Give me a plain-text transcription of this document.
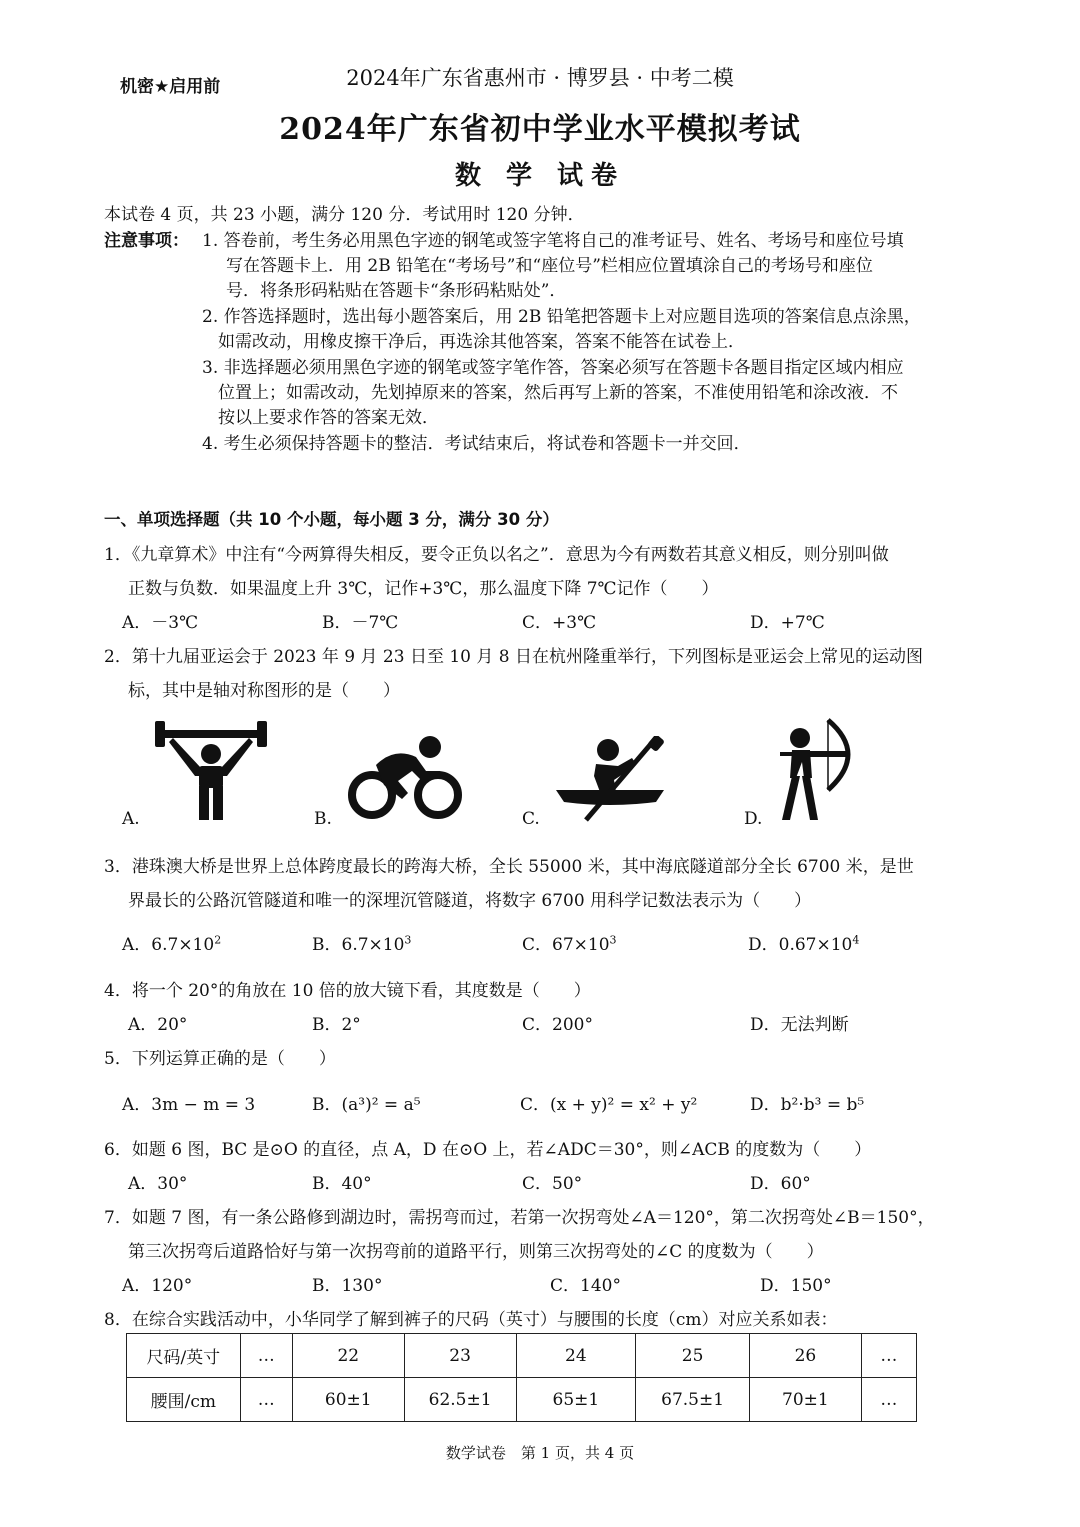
机密★启用前	2024年广东省惠州市 · 博罗县 · 中考二模
2024年广东省初中学业水平模拟考试
数 学 试卷
本试卷 4 页，共 23 小题，满分 120 分．考试用时 120 分钟．
注意事项： 1. 答卷前，考生务必用黑色字迹的钢笔或签字笔将自己的准考证号、姓名、考场号和座位号填
写在答题卡上．用 2B 铅笔在“考场号”和“座位号”栏相应位置填涂自己的考场号和座位
号．将条形码粘贴在答题卡“条形码粘贴处”．
2. 作答选择题时，选出每小题答案后，用 2B 铅笔把答题卡上对应题目选项的答案信息点涂黑，
如需改动，用橡皮擦干净后，再选涂其他答案，答案不能答在试卷上．
3. 非选择题必须用黑色字迹的钢笔或签字笔作答，答案必须写在答题卡各题目指定区域内相应
位置上；如需改动，先划掉原来的答案，然后再写上新的答案，不准使用铅笔和涂改液．不
按以上要求作答的答案无效．
4. 考生必须保持答题卡的整洁．考试结束后，将试卷和答题卡一并交回．
一、单项选择题（共 10 个小题，每小题 3 分，满分 30 分）
1．《九章算术》中注有“今两算得失相反，要令正负以名之”．意思为今有两数若其意义相反，则分别叫做
正数与负数．如果温度上升 3℃，记作+3℃，那么温度下降 7℃记作（　　）
A．－3℃	B．－7℃	C．+3℃	D．+7℃
2．第十九届亚运会于 2023 年 9 月 23 日至 10 月 8 日在杭州隆重举行，下列图标是亚运会上常见的运动图
标，其中是轴对称图形的是（　　）
A.	B.	C.	D.
3．港珠澳大桥是世界上总体跨度最长的跨海大桥，全长 55000 米，其中海底隧道部分全长 6700 米，是世
界最长的公路沉管隧道和唯一的深埋沉管隧道，将数字 6700 用科学记数法表示为（　　）
A．$6.7\times 10^2$	B．$6.7\times 10^3$	C．$67\times 10^3$	D．$0.67\times 10^4$
4．将一个 20°的角放在 10 倍的放大镜下看，其度数是（　　）
A．20°	B．2°	C．200°	D．无法判断
5．下列运算正确的是（　　）
A．3m − m = 3	B．(a³)² = a⁵	C．(x + y)² = x² + y²	D．b²·b³ = b⁵
6．如题 6 图，BC 是⊙O 的直径，点 A，D 在⊙O 上，若∠ADC＝30°，则∠ACB 的度数为（　　）
A．30°	B．40°	C．50°	D．60°
7．如题 7 图，有一条公路修到湖边时，需拐弯而过，若第一次拐弯处∠A＝120°，第二次拐弯处∠B＝150°，
第三次拐弯后道路恰好与第一次拐弯前的道路平行，则第三次拐弯处的∠C 的度数为（　　）
A．120°	B．130°	C．140°	D．150°
8．在综合实践活动中，小华同学了解到裤子的尺码（英寸）与腰围的长度（cm）对应关系如表：
尺码/英寸	…	22	23	24	25	26	…
腰围/cm	…	60±1	62.5±1	65±1	67.5±1	70±1	…
数学试卷　第 1 页，共 4 页
